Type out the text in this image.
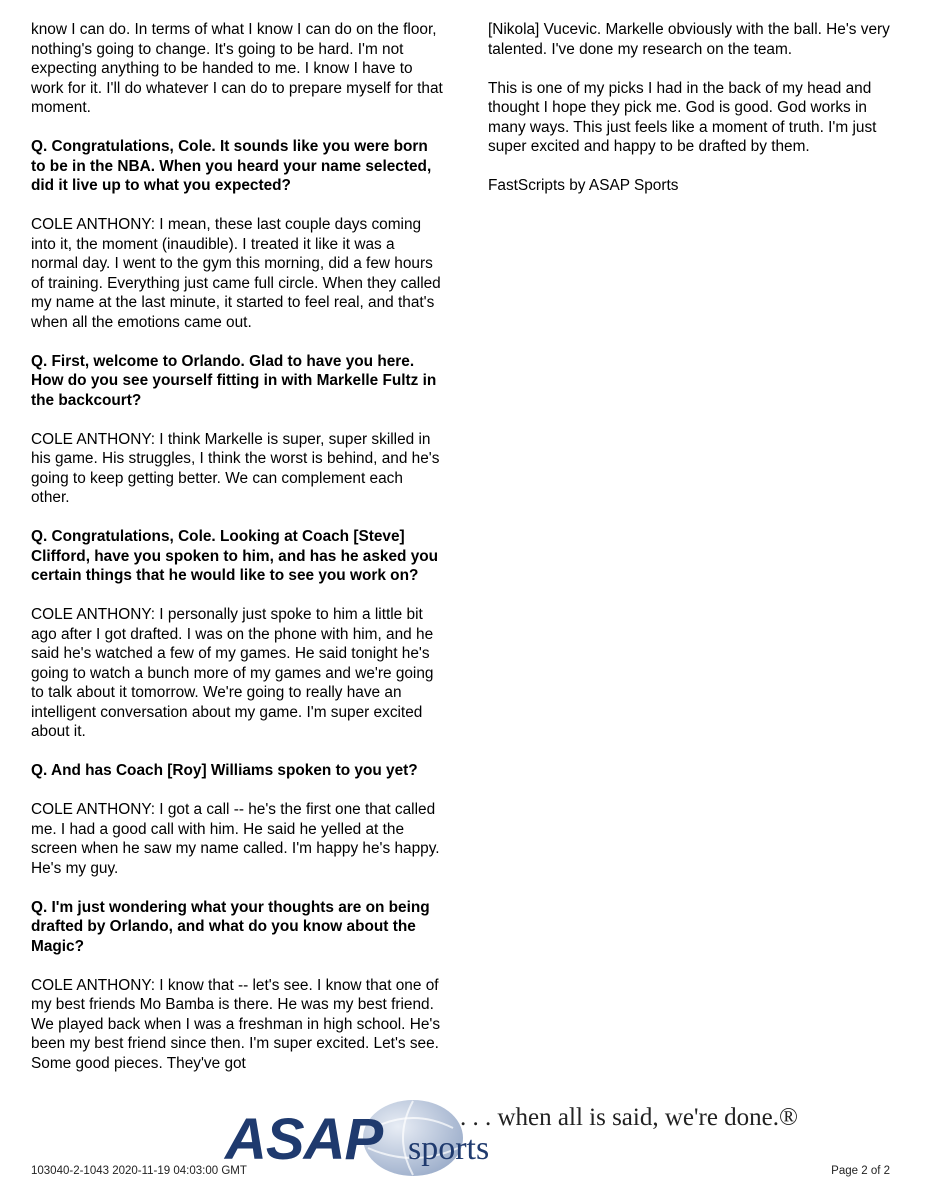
know I can do. In terms of what I know I can do on the floor, nothing's going to change. It's going to be hard. I'm not expecting anything to be handed to me. I know I have to work for it. I'll do whatever I can do to prepare myself for that moment.

Q. Congratulations, Cole. It sounds like you were born to be in the NBA. When you heard your name selected, did it live up to what you expected?

COLE ANTHONY: I mean, these last couple days coming into it, the moment (inaudible). I treated it like it was a normal day. I went to the gym this morning, did a few hours of training. Everything just came full circle. When they called my name at the last minute, it started to feel real, and that's when all the emotions came out.

Q. First, welcome to Orlando. Glad to have you here. How do you see yourself fitting in with Markelle Fultz in the backcourt?

COLE ANTHONY: I think Markelle is super, super skilled in his game. His struggles, I think the worst is behind, and he's going to keep getting better. We can complement each other.

Q. Congratulations, Cole. Looking at Coach [Steve] Clifford, have you spoken to him, and has he asked you certain things that he would like to see you work on?

COLE ANTHONY: I personally just spoke to him a little bit ago after I got drafted. I was on the phone with him, and he said he's watched a few of my games. He said tonight he's going to watch a bunch more of my games and we're going to talk about it tomorrow. We're going to really have an intelligent conversation about my game. I'm super excited about it.

Q. And has Coach [Roy] Williams spoken to you yet?

COLE ANTHONY: I got a call -- he's the first one that called me. I had a good call with him. He said he yelled at the screen when he saw my name called. I'm happy he's happy. He's my guy.

Q. I'm just wondering what your thoughts are on being drafted by Orlando, and what do you know about the Magic?

COLE ANTHONY: I know that -- let's see. I know that one of my best friends Mo Bamba is there. He was my best friend. We played back when I was a freshman in high school. He's been my best friend since then. I'm super excited. Let's see. Some good pieces. They've got

[Nikola] Vucevic. Markelle obviously with the ball. He's very talented. I've done my research on the team.

This is one of my picks I had in the back of my head and thought I hope they pick me. God is good. God works in many ways. This just feels like a moment of truth. I'm just super excited and happy to be drafted by them.

FastScripts by ASAP Sports

ASAP sports
. . . when all is said, we're done.®
103040-2-1043 2020-11-19 04:03:00 GMT	Page 2 of 2
